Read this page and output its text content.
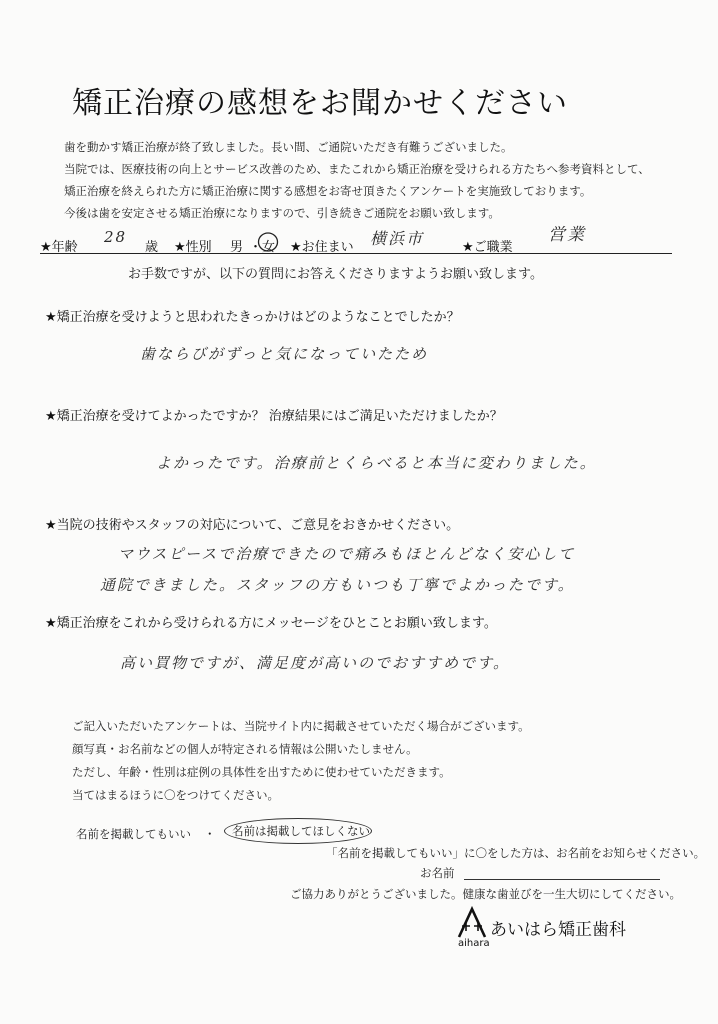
矯正治療の感想をお聞かせください
歯を動かす矯正治療が終了致しました。長い間、ご通院いただき有難うございました。
当院では、医療技術の向上とサービス改善のため、またこれから矯正治療を受けられる方たちへ参考資料として、
矯正治療を終えられた方に矯正治療に関する感想をお寄せ頂きたくアンケートを実施致しております。
今後は歯を安定させる矯正治療になりますので、引き続きご通院をお願い致します。
★年齢
28
歳 ★性別 男 ・ 女 ★お住まい 横浜市	★ご職業
営業
お手数ですが、以下の質問にお答えくださりますようお願い致します。
★矯正治療を受けようと思われたきっかけはどのようなことでしたか？
歯ならびがずっと気になっていたため
★矯正治療を受けてよかったですか？ 治療結果にはご満足いただけましたか？
よかったです。治療前とくらべると本当に変わりました。
★当院の技術やスタッフの対応について、ご意見をおきかせください。
マウスピースで治療できたので痛みもほとんどなく安心して
通院できました。スタッフの方もいつも丁寧でよかったです。
★矯正治療をこれから受けられる方にメッセージをひとことお願い致します。
高い買物ですが、満足度が高いのでおすすめです。
ご記入いただいたアンケートは、当院サイト内に掲載させていただく場合がございます。
顔写真・お名前などの個人が特定される情報は公開いたしません。
ただし、年齢・性別は症例の具体性を出すために使わせていただきます。
当てはまるほうに〇をつけてください。
名前を掲載してもいい ・ 名前は掲載してほしくない
「名前を掲載してもいい」に〇をした方は、お名前をお知らせください。
お名前
ご協力ありがとうございました。健康な歯並びを一生大切にしてください。
あいはら矯正歯科
aihara
